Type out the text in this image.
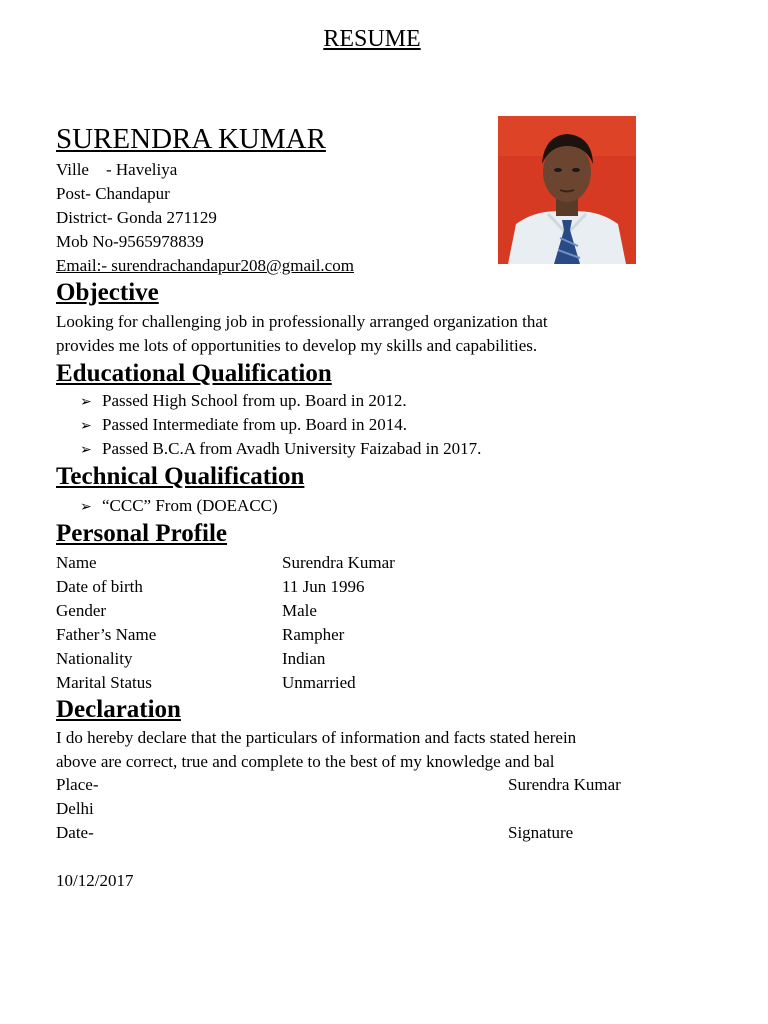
RESUME
SURENDRA KUMAR
Ville    - Haveliya
Post- Chandapur
District- Gonda 271129
Mob No-9565978839
Email:- surendrachandapur208@gmail.com
Objective
Looking for challenging job in professionally arranged organization that
provides me lots of opportunities to develop my skills and capabilities.
Educational Qualification
➢ Passed High School from up. Board in 2012.
➢ Passed Intermediate from up. Board in 2014.
➢ Passed B.C.A from Avadh University Faizabad in 2017.
Technical Qualification
➢ “CCC” From (DOEACC)
Personal Profile
Name	Surendra Kumar
Date of birth	11 Jun 1996
Gender	Male
Father’s Name	Rampher
Nationality	Indian
Marital Status	Unmarried
Declaration
I do hereby declare that the particulars of information and facts stated herein
above are correct, true and complete to the best of my knowledge and bal
Place-	Surendra Kumar
Delhi
Date-	Signature
10/12/2017
